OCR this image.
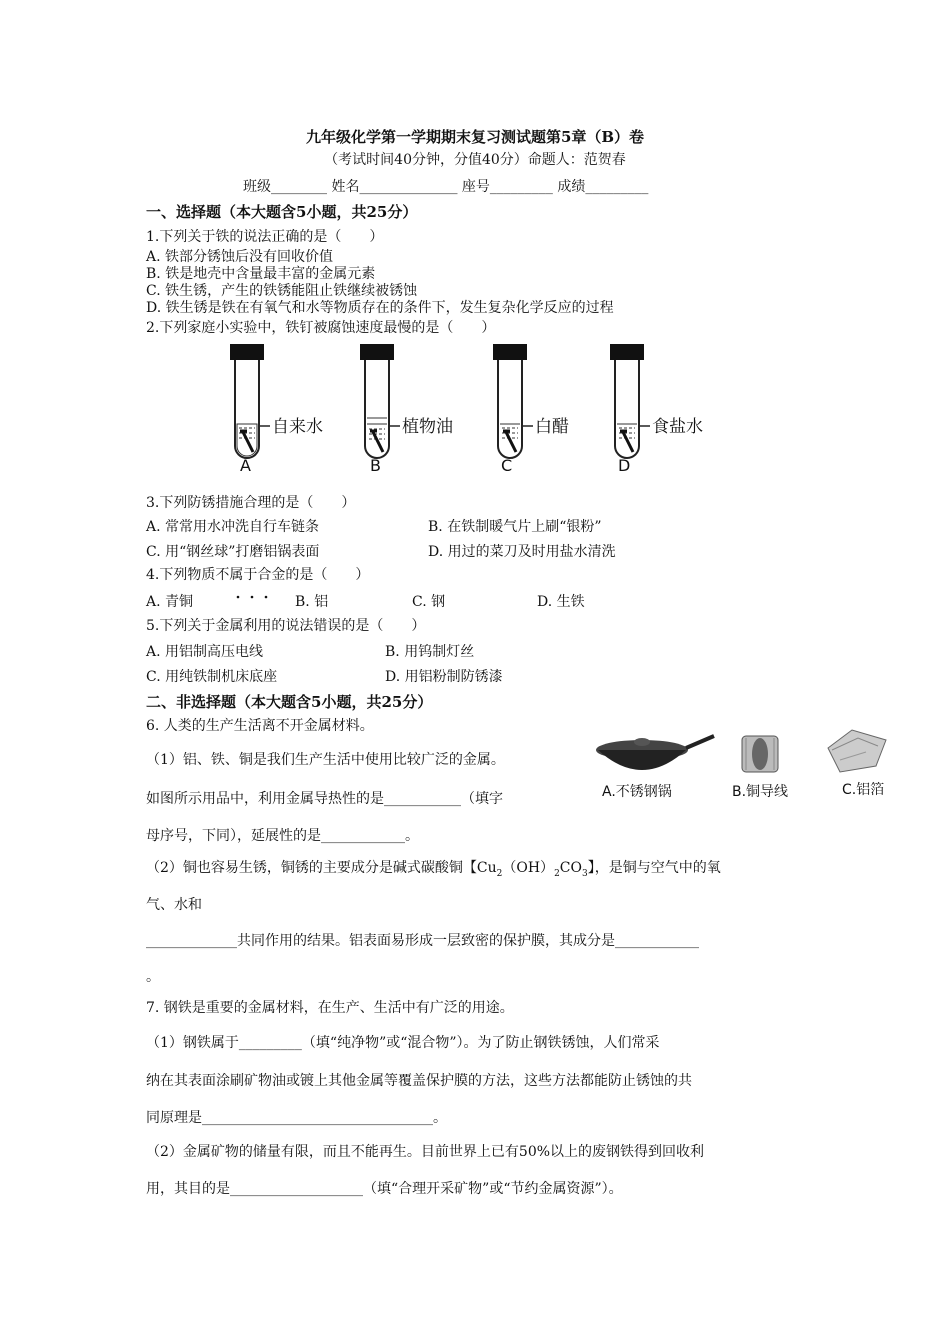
九年级化学第一学期期末复习测试题第5章（B）卷
（考试时间40分钟，分值40分）命题人：范贺春
班级________ 姓名______________ 座号_________ 成绩_________
一、选择题（本大题含5小题，共25分）
1.下列关于铁的说法正确的是（　　）
A. 铁部分锈蚀后没有回收价值
B. 铁是地壳中含量最丰富的金属元素
C. 铁生锈，产生的铁锈能阻止铁继续被锈蚀
D. 铁生锈是铁在有氧气和水等物质存在的条件下，发生复杂化学反应的过程
2.下列家庭小实验中，铁钉被腐蚀速度最慢的是（　　）
自来水
A
植物油
B
白醋
C
食盐水
D
3.下列防锈措施合理的是（　　）
A. 常常用水冲洗自行车链条	B. 在铁制暖气片上刷“银粉”
C. 用“钢丝球”打磨铝锅表面	D. 用过的菜刀及时用盐水清洗
4.下列物质不属于合金的是（　　）
A. 青铜	B. 铝	C. 钢	D. 生铁
5.下列关于金属利用的说法错误的是（　　）
A. 用铝制高压电线	B. 用钨制灯丝
C. 用纯铁制机床底座	D. 用铝粉制防锈漆
二、非选择题（本大题含5小题，共25分）
6. 人类的生产生活离不开金属材料。
（1）铝、铁、铜是我们生产生活中使用比较广泛的金属。
如图所示用品中，利用金属导热性的是___________（填字
母序号，下同），延展性的是____________。
A.不锈钢锅	B.铜导线	C.铝箔
（2）铜也容易生锈，铜锈的主要成分是碱式碳酸铜【$Cu_2(OH)_2CO_3$】，是铜与空气中的氧
气、水和
_____________共同作用的结果。铝表面易形成一层致密的保护膜，其成分是____________
。
7. 钢铁是重要的金属材料，在生产、生活中有广泛的用途。
（1）钢铁属于_________（填“纯净物”或“混合物”）。为了防止钢铁锈蚀，人们常采
纳在其表面涂刷矿物油或镀上其他金属等覆盖保护膜的方法，这些方法都能防止锈蚀的共
同原理是_________________________________。
（2）金属矿物的储量有限，而且不能再生。目前世界上已有50%以上的废钢铁得到回收利
用，其目的是___________________（填“合理开采矿物”或“节约金属资源”）。
